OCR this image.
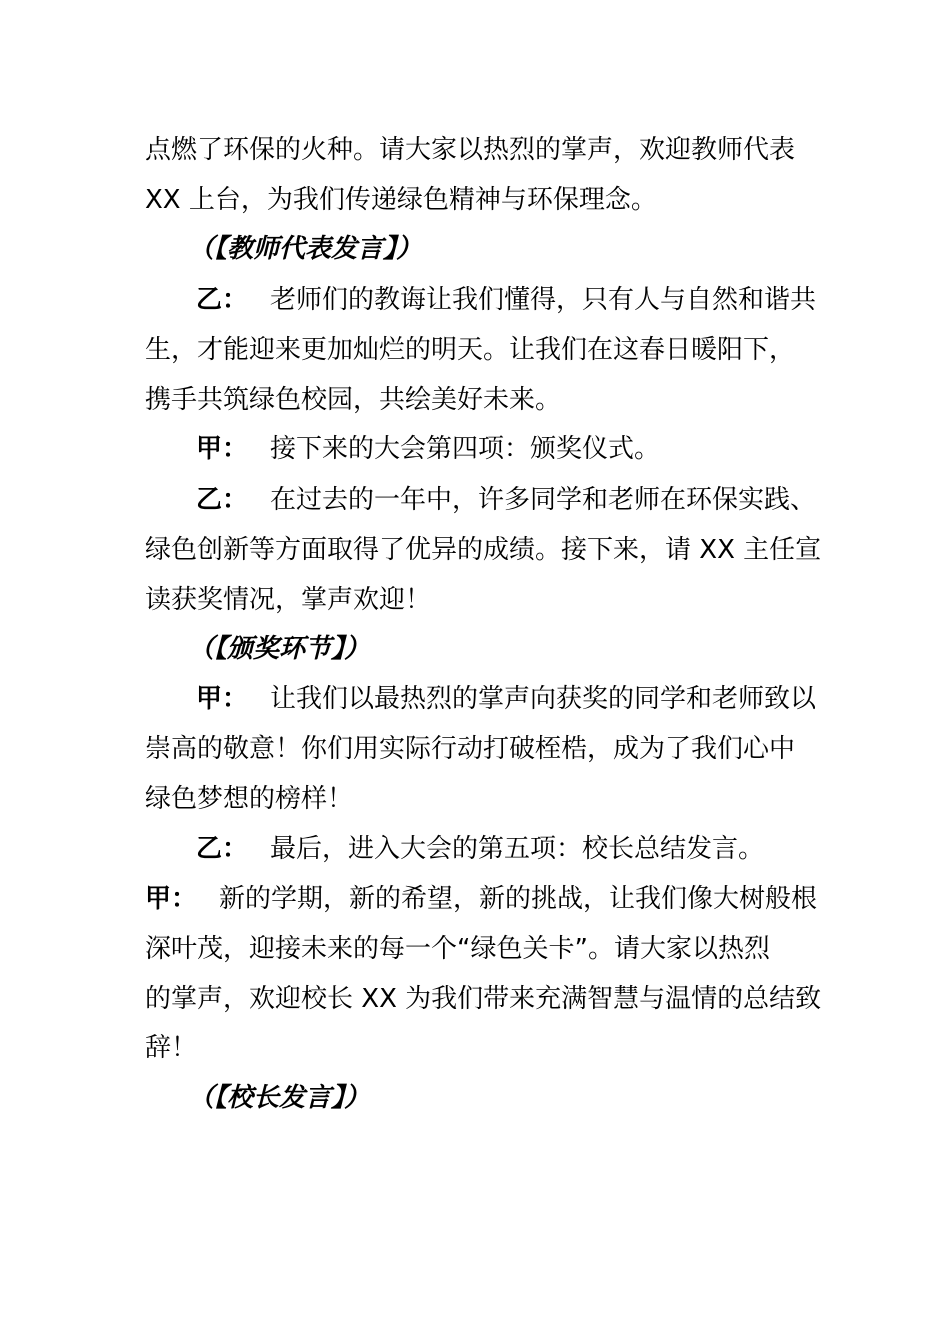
点燃了环保的火种。请大家以热烈的掌声，欢迎教师代表
XX 上台，为我们传递绿色精神与环保理念。
（【教师代表发言】）
乙： 老师们的教诲让我们懂得，只有人与自然和谐共
生，才能迎来更加灿烂的明天。让我们在这春日暖阳下，
携手共筑绿色校园，共绘美好未来。
甲： 接下来的大会第四项：颁奖仪式。
乙： 在过去的一年中，许多同学和老师在环保实践、
绿色创新等方面取得了优异的成绩。接下来，请 XX 主任宣
读获奖情况，掌声欢迎！
（【颁奖环节】）
甲： 让我们以最热烈的掌声向获奖的同学和老师致以
崇高的敬意！你们用实际行动打破桎梏，成为了我们心中
绿色梦想的榜样！
乙： 最后，进入大会的第五项：校长总结发言。
甲： 新的学期，新的希望，新的挑战，让我们像大树般根
深叶茂，迎接未来的每一个“绿色关卡”。请大家以热烈
的掌声，欢迎校长 XX 为我们带来充满智慧与温情的总结致
辞！
（【校长发言】）
